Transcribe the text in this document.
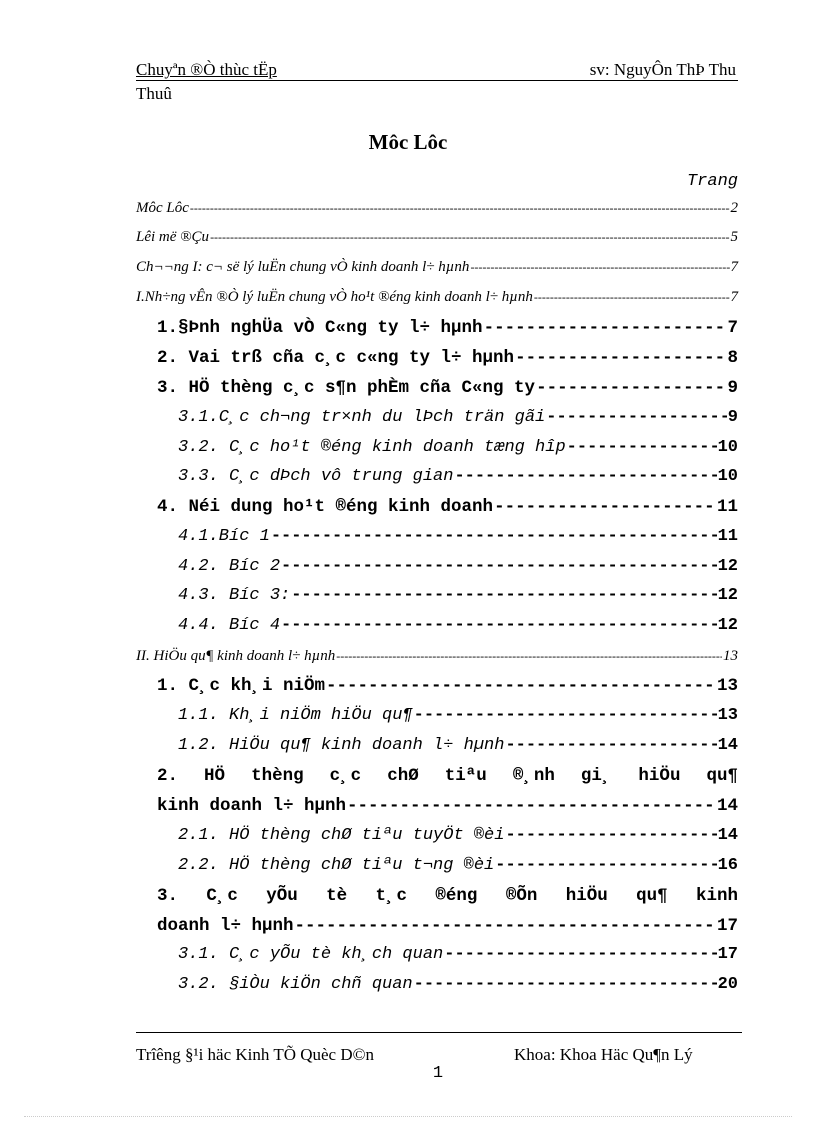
Chuyªn ®Ò thùc tËp	sv: NguyÔn ThÞ Thu
Thuû
Môc Lôc
Trang
Môc Lôc -----	2
Lêi më ®Çu -----	5
Ch¬¬ng I: c¬ së lý luËn chung vÒ kinh doanh l÷ hµnh -----	7
I.Nh÷ng vÊn ®Ò lý luËn chung vÒ ho¹t ®éng kinh doanh l÷ hµnh -----	7
1.§Þnh nghÜa vÒ C«ng ty l÷ hµnh -----	7
2. Vai trß cña c¸c c«ng ty l÷ hµnh -----	8
3. HÖ thèng c¸c s¶n phÈm cña C«ng ty -----	9
3.1.C¸c ch¬ng tr×nh du lÞch trän gãi -----	9
3.2. C¸c ho¹t ®éng kinh doanh tæng hîp -----	10
3.3. C¸c dÞch vô trung gian -----	10
4. Néi dung ho¹t ®éng kinh doanh -----	11
4.1.Bíc 1 -----	11
4.2. Bíc 2 -----	12
4.3. Bíc 3: -----	12
4.4. Bíc 4 -----	12
II. HiÖu qu¶ kinh doanh l÷ hµnh -----	13
1. C¸c kh¸i niÖm -----	13
1.1. Kh¸i niÖm hiÖu qu¶ -----	13
1.2. HiÖu qu¶ kinh doanh l÷ hµnh -----	14
2. HÖ thèng c¸c chØ tiªu ®¸nh gi¸ hiÖu qu¶
kinh doanh l÷ hµnh -----	14
2.1. HÖ thèng chØ tiªu tuyÖt ®èi -----	14
2.2. HÖ thèng chØ tiªu t¬ng ®èi -----	16
3. C¸c yÕu tè t¸c ®éng ®Õn hiÖu qu¶ kinh
doanh l÷ hµnh -----	17
3.1. C¸c yÕu tè kh¸ch quan -----	17
3.2. §iÒu kiÖn chñ quan -----	20
Trîêng §¹i häc Kinh TÕ Quèc D©n	Khoa: Khoa Häc Qu¶n Lý
1
